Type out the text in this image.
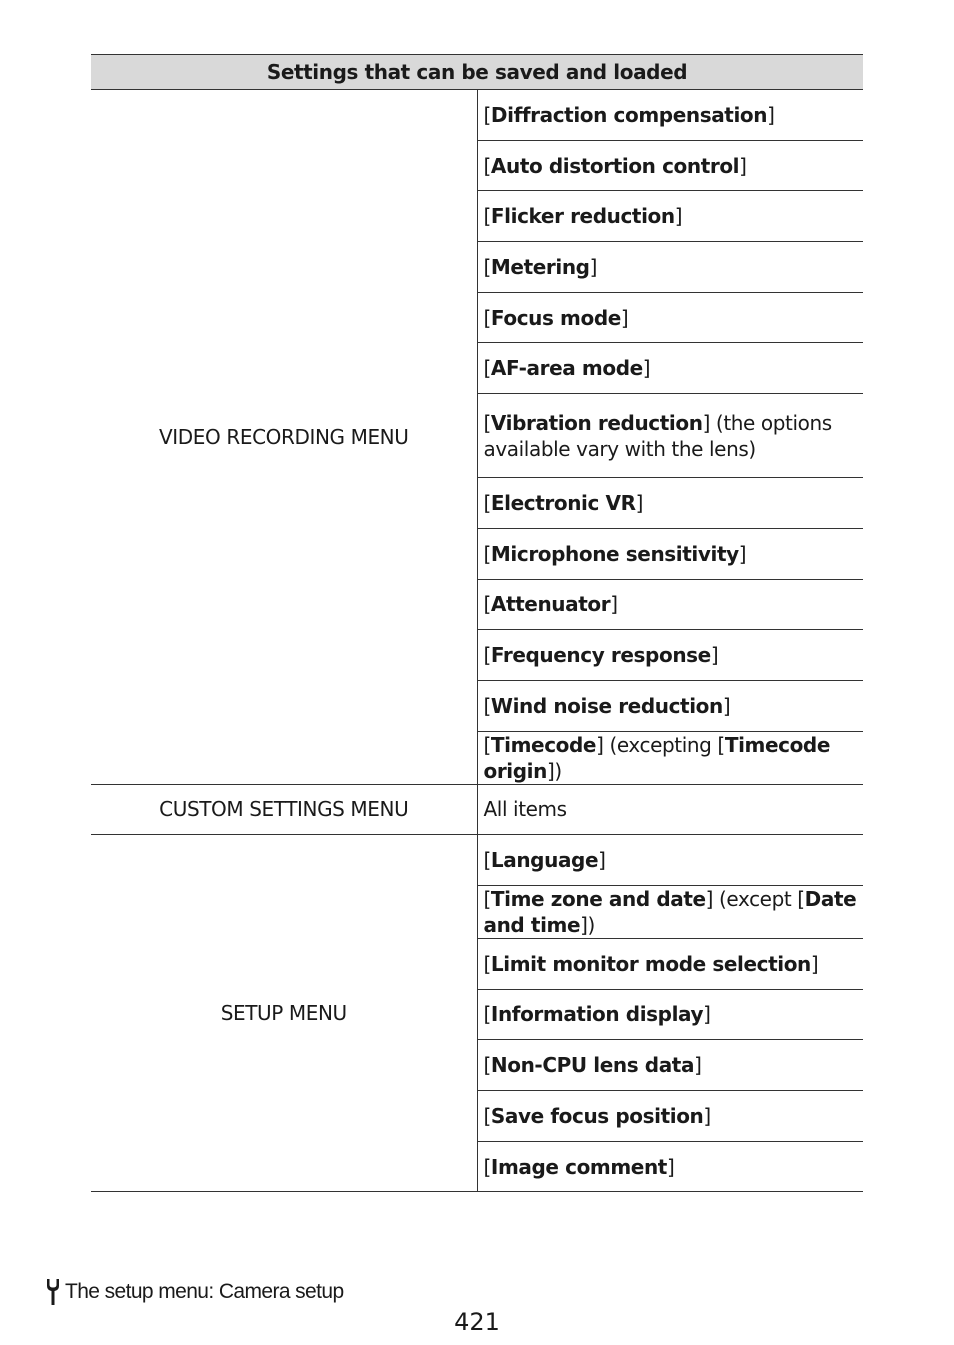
Settings that can be saved and loaded	
VIDEO RECORDING MENU	[Diffraction compensation]
	[Auto distortion control]
	[Flicker reduction]
	[Metering]
	[Focus mode]
	[AF-area mode]
	[Vibration reduction] (the options available vary with the lens)
	[Electronic VR]
	[Microphone sensitivity]
	[Attenuator]
	[Frequency response]
	[Wind noise reduction]
	[Timecode] (excepting [Timecode origin])
CUSTOM SETTINGS MENU	All items
SETUP MENU	[Language]
	[Time zone and date] (except [Date and time])
	[Limit monitor mode selection]
	[Information display]
	[Non-CPU lens data]
	[Save focus position]
	[Image comment]
The setup menu: Camera setup
421
